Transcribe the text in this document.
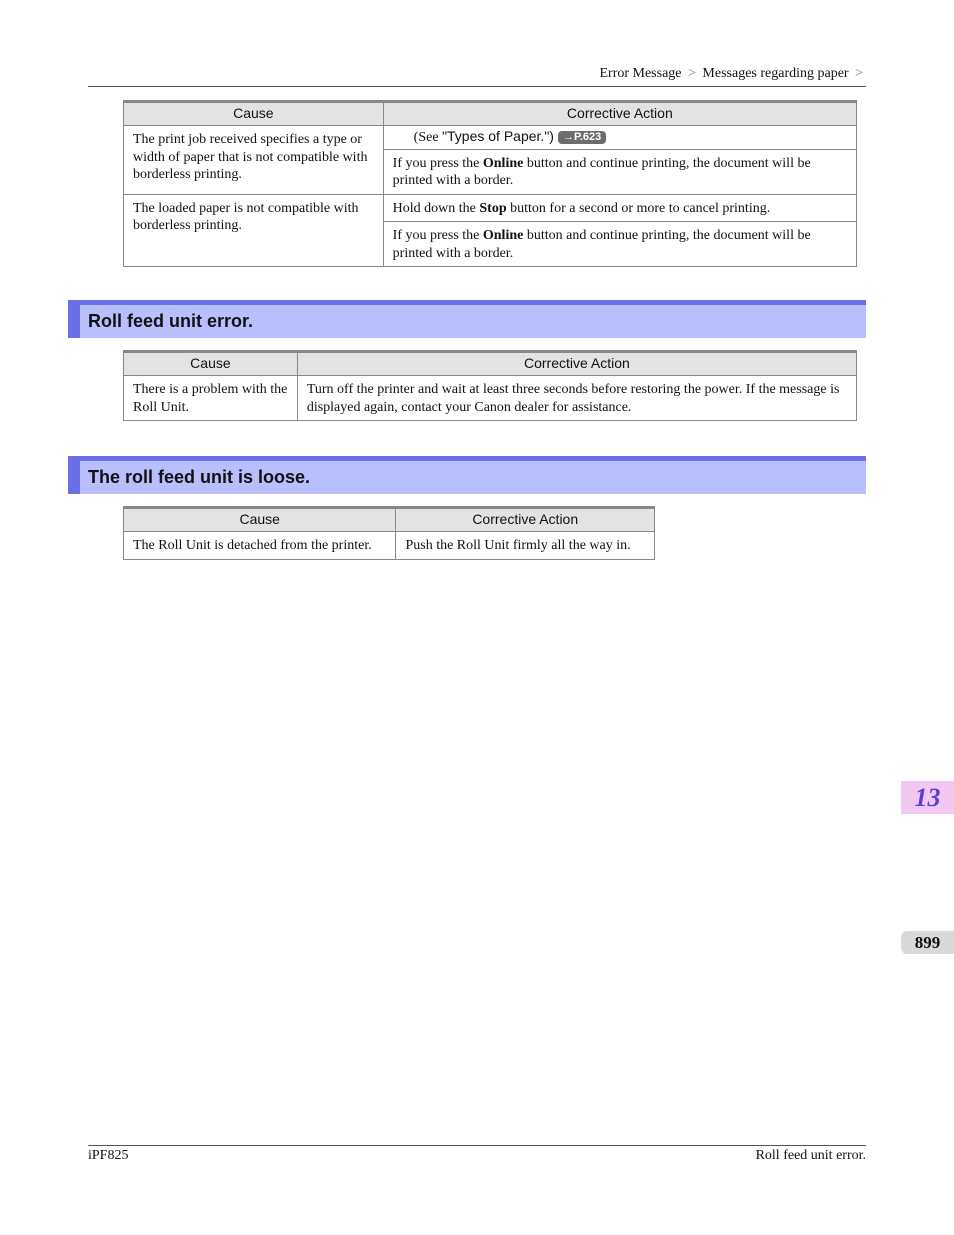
Error Message > Messages regarding paper >
Cause	Corrective Action
The print job received specifies a type or width of paper that is not compatible with borderless printing.	(See "Types of Paper.") →P.623
	If you press the Online button and continue printing, the document will be printed with a border.
The loaded paper is not compatible with borderless printing.	Hold down the Stop button for a second or more to cancel printing.
	If you press the Online button and continue printing, the document will be printed with a border.
Roll feed unit error.
Cause	Corrective Action
There is a problem with the Roll Unit.	Turn off the printer and wait at least three seconds before restoring the power. If the message is displayed again, contact your Canon dealer for assistance.
The roll feed unit is loose.
Cause	Corrective Action
The Roll Unit is detached from the printer.	Push the Roll Unit firmly all the way in.
13
899
iPF825	Roll feed unit error.
